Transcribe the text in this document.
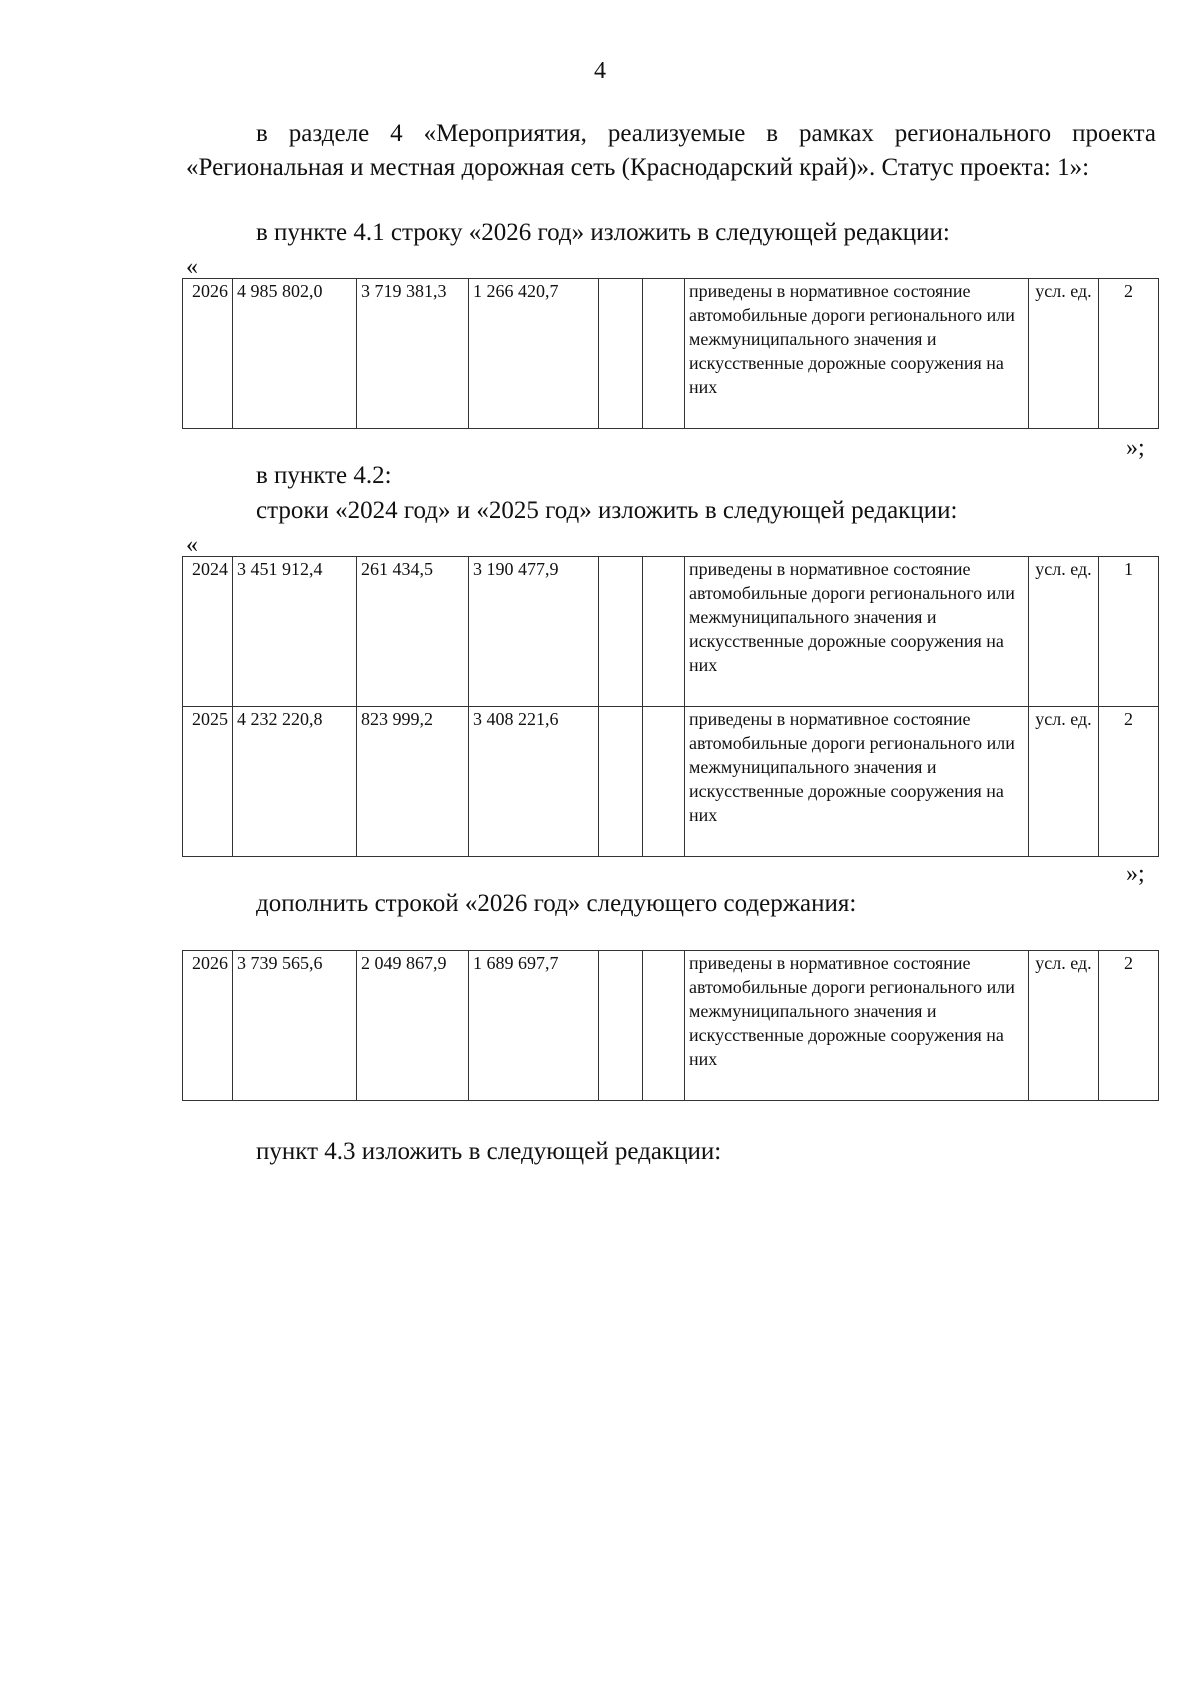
4
в разделе 4 «Мероприятия, реализуемые в рамках регионального проекта «Региональная и местная дорожная сеть (Краснодарский край)». Статус проекта: 1»:
в пункте 4.1 строку «2026 год» изложить в следующей редакции:
«
2026	4 985 802,0	3 719 381,3	1 266 420,7			приведены в нормативное состояние автомобильные дороги регионального или межмуниципального значения и искусственные дорожные сооружения на них	усл. ед.	2
»;
в пункте 4.2:
строки «2024 год» и «2025 год» изложить в следующей редакции:
«
2024	3 451 912,4	261 434,5	3 190 477,9			приведены в нормативное состояние автомобильные дороги регионального или межмуниципального значения и искусственные дорожные сооружения на них	усл. ед.	1
2025	4 232 220,8	823 999,2	3 408 221,6			приведены в нормативное состояние автомобильные дороги регионального или межмуниципального значения и искусственные дорожные сооружения на них	усл. ед.	2
»;
дополнить строкой «2026 год» следующего содержания:
2026	3 739 565,6	2 049 867,9	1 689 697,7			приведены в нормативное состояние автомобильные дороги регионального или межмуниципального значения и искусственные дорожные сооружения на них	усл. ед.	2
пункт 4.3 изложить в следующей редакции:
